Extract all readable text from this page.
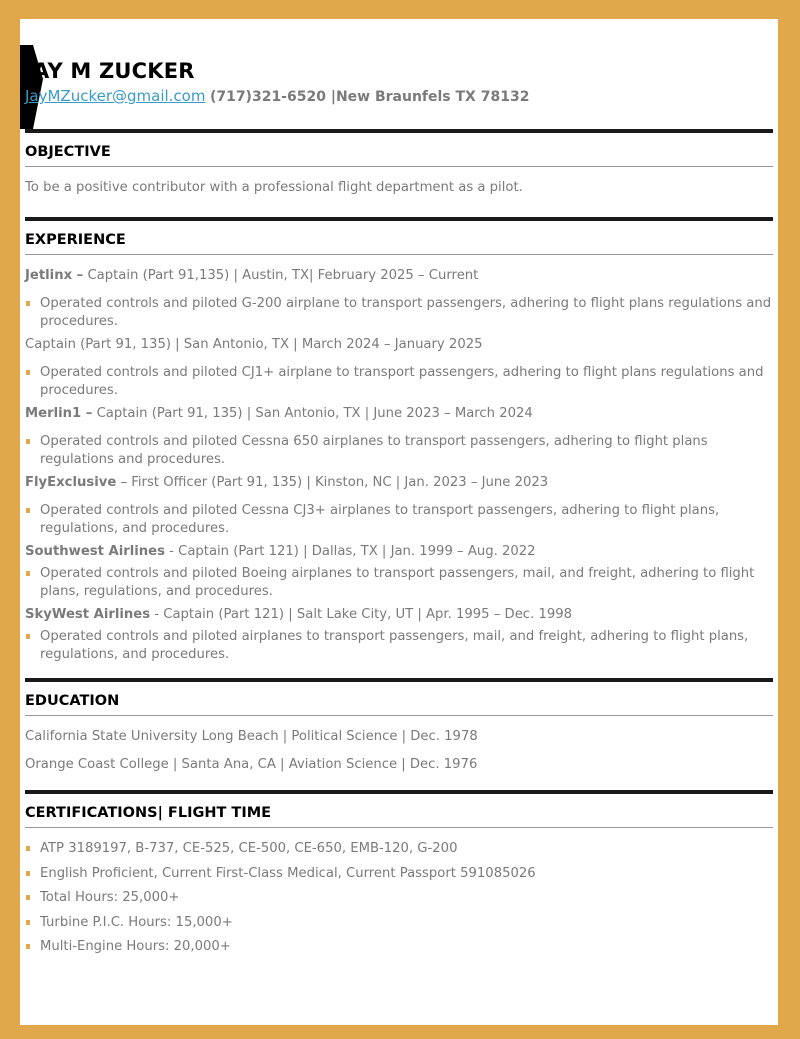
JAY M ZUCKER
JayMZucker@gmail.com (717)321-6520 |New Braunfels TX 78132
OBJECTIVE

To be a positive contributor with a professional flight department as a pilot.

EXPERIENCE

Jetlinx – Captain (Part 91,135) | Austin, TX| February 2025 – Current

Operated controls and piloted G-200 airplane to transport passengers, adhering to flight plans regulations and procedures.

Captain (Part 91, 135) | San Antonio, TX | March 2024 – January 2025

Operated controls and piloted CJ1+ airplane to transport passengers, adhering to flight plans regulations and procedures.

Merlin1 – Captain (Part 91, 135) | San Antonio, TX | June 2023 – March 2024

Operated controls and piloted Cessna 650 airplanes to transport passengers, adhering to flight plans regulations and procedures.

FlyExclusive – First Officer (Part 91, 135) | Kinston, NC | Jan. 2023 – June 2023

Operated controls and piloted Cessna CJ3+ airplanes to transport passengers, adhering to flight plans, regulations, and procedures.

Southwest Airlines - Captain (Part 121) | Dallas, TX | Jan. 1999 – Aug. 2022

Operated controls and piloted Boeing airplanes to transport passengers, mail, and freight, adhering to flight plans, regulations, and procedures.

SkyWest Airlines - Captain (Part 121) | Salt Lake City, UT | Apr. 1995 – Dec. 1998

Operated controls and piloted airplanes to transport passengers, mail, and freight, adhering to flight plans, regulations, and procedures.
EDUCATION

California State University Long Beach | Political Science | Dec. 1978

Orange Coast College | Santa Ana, CA | Aviation Science | Dec. 1976

CERTIFICATIONS| FLIGHT TIME
ATP 3189197, B-737, CE-525, CE-500, CE-650, EMB-120, G-200
English Proficient, Current First-Class Medical, Current Passport 591085026
Total Hours: 25,000+
Turbine P.I.C. Hours: 15,000+
Multi-Engine Hours: 20,000+
